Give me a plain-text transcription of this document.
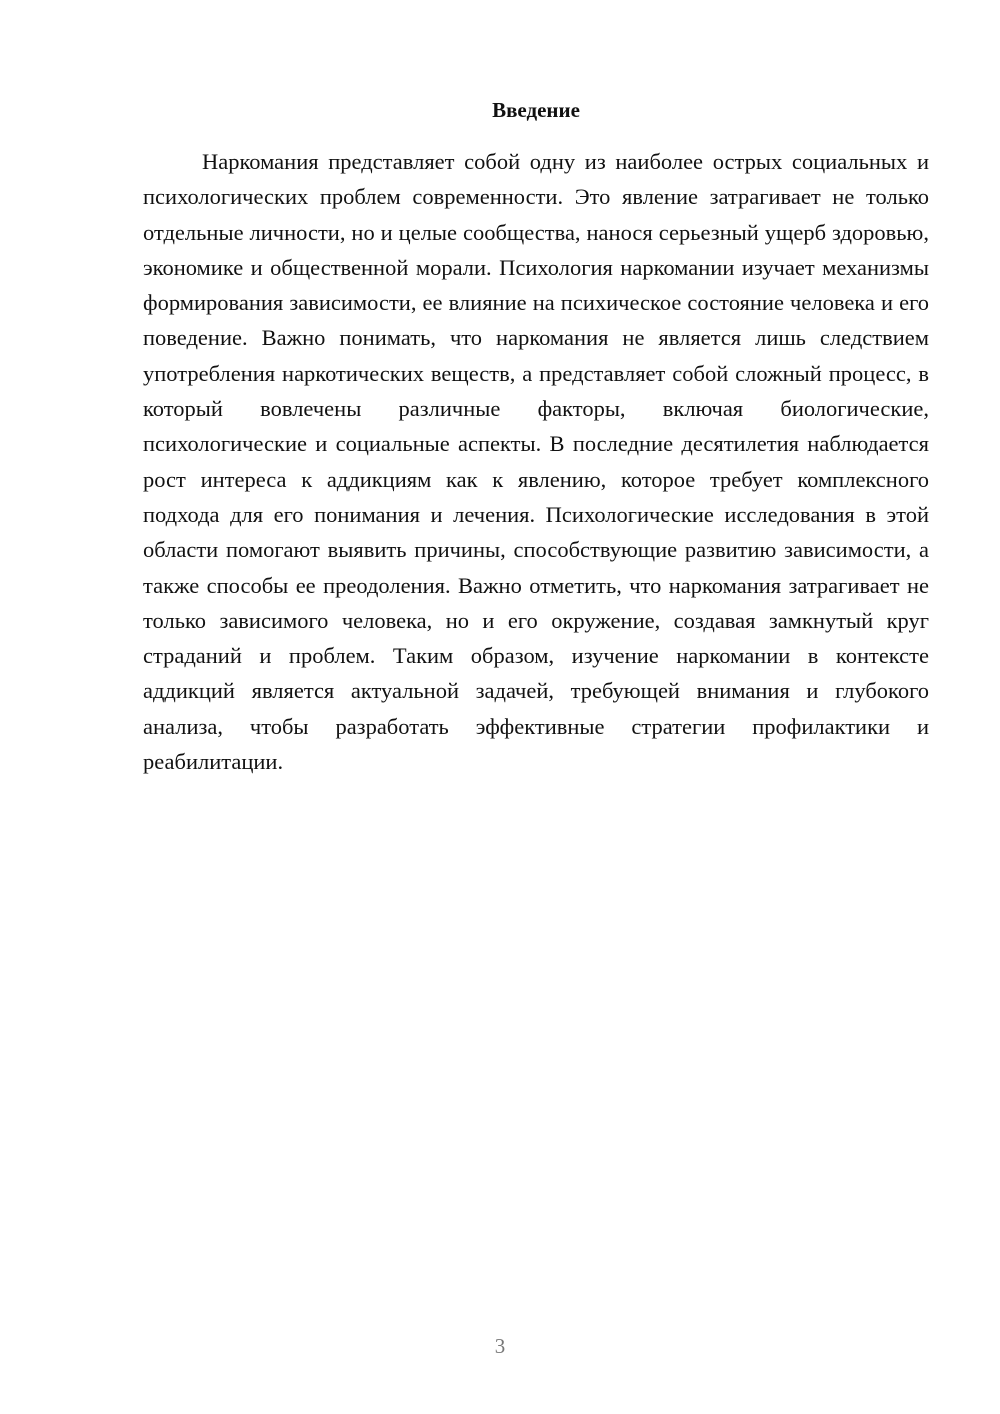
Введение

Наркомания представляет собой одну из наиболее острых социальных и психологических проблем современности. Это явление затрагивает не только отдельные личности, но и целые сообщества, нанося серьезный ущерб здоровью, экономике и общественной морали. Психология наркомании изучает механизмы формирования зависимости, ее влияние на психическое состояние человека и его поведение. Важно понимать, что наркомания не является лишь следствием употребления наркотических веществ, а представляет собой сложный процесс, в который вовлечены различные факторы, включая биологические, психологические и социальные аспекты. В последние десятилетия наблюдается рост интереса к аддикциям как к явлению, которое требует комплексного подхода для его понимания и лечения. Психологические исследования в этой области помогают выявить причины, способствующие развитию зависимости, а также способы ее преодоления. Важно отметить, что наркомания затрагивает не только зависимого человека, но и его окружение, создавая замкнутый круг страданий и проблем. Таким образом, изучение наркомании в контексте аддикций является актуальной задачей, требующей внимания и глубокого анализа, чтобы разработать эффективные стратегии профилактики и реабилитации.

3
